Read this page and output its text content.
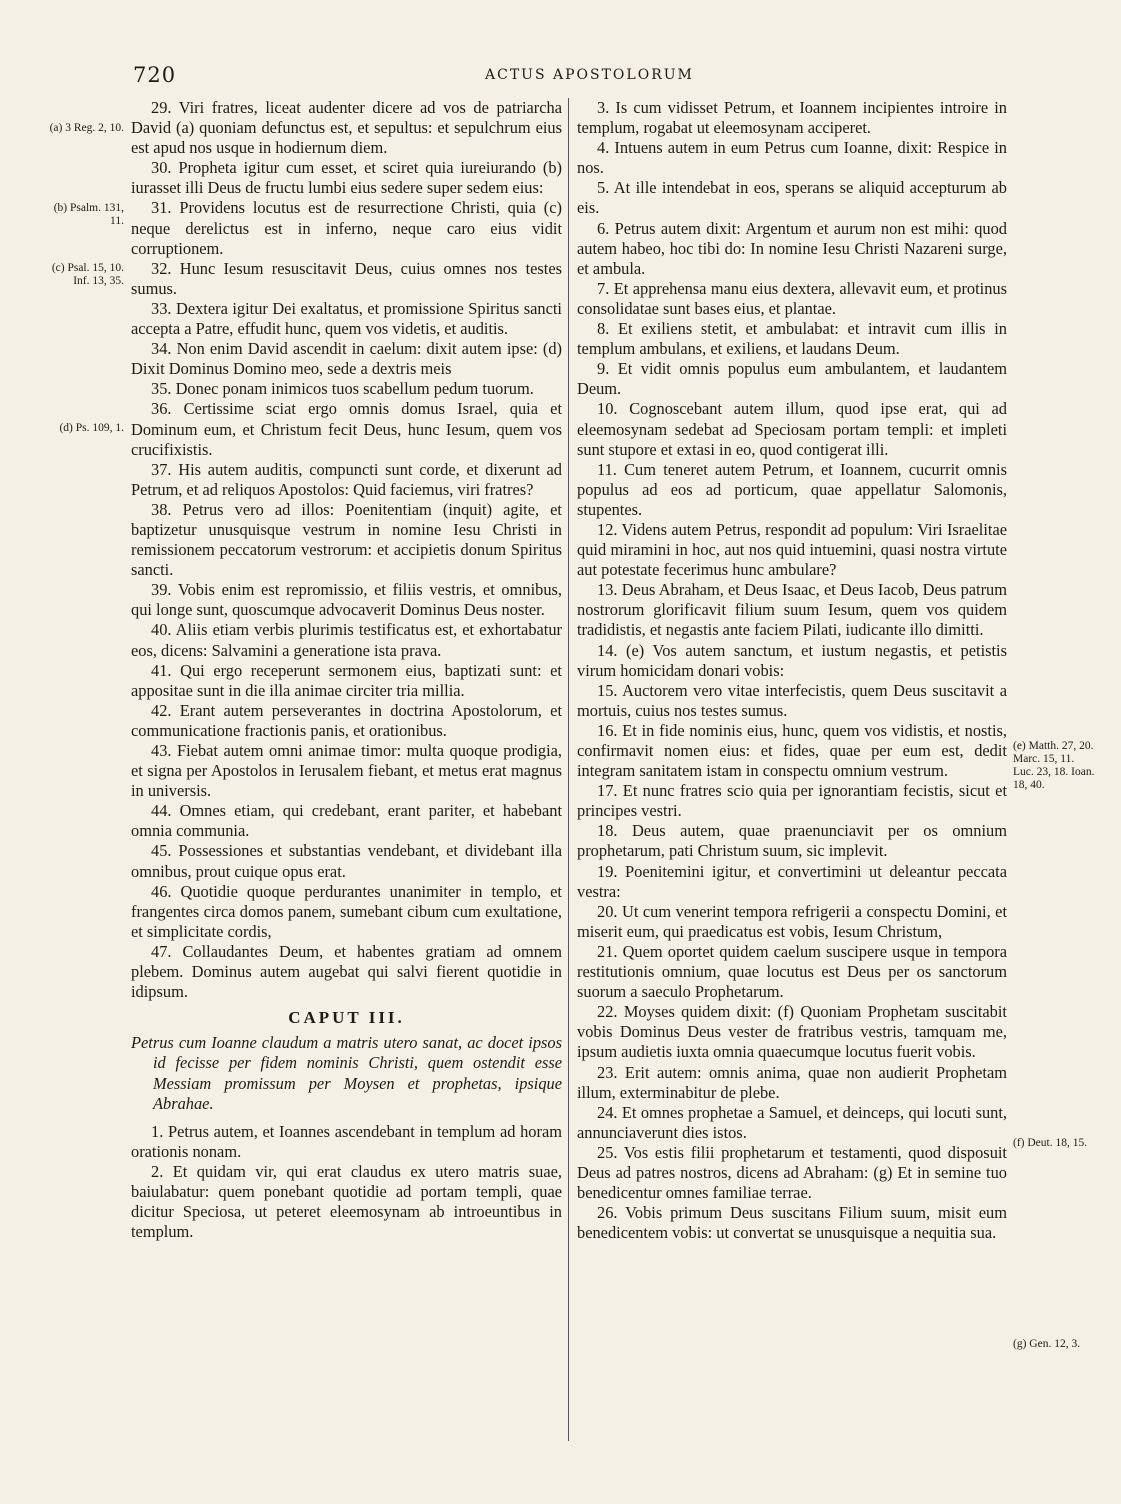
720	ACTUS APOSTOLORUM
(a) 3 Reg. 2, 10.
(b) Psalm. 131, 11.
(c) Psal. 15, 10. Inf. 13, 35.
(d) Ps. 109, 1.
(e) Matth. 27, 20. Marc. 15, 11. Luc. 23, 18. Ioan. 18, 40.
(f) Deut. 18, 15.
(g) Gen. 12, 3.

29. Viri fratres, liceat audenter dicere ad vos de patriarcha David (a) quoniam defunctus est, et sepultus: et sepulchrum eius est apud nos usque in hodiernum diem.

30. Propheta igitur cum esset, et sciret quia iureiurando (b) iurasset illi Deus de fructu lumbi eius sedere super sedem eius:

31. Providens locutus est de resurrectione Christi, quia (c) neque derelictus est in inferno, neque caro eius vidit corruptionem.

32. Hunc Iesum resuscitavit Deus, cuius omnes nos testes sumus.

33. Dextera igitur Dei exaltatus, et promissione Spiritus sancti accepta a Patre, effudit hunc, quem vos videtis, et auditis.

34. Non enim David ascendit in caelum: dixit autem ipse: (d) Dixit Dominus Domino meo, sede a dextris meis

35. Donec ponam inimicos tuos scabellum pedum tuorum.

36. Certissime sciat ergo omnis domus Israel, quia et Dominum eum, et Christum fecit Deus, hunc Iesum, quem vos crucifixistis.

37. His autem auditis, compuncti sunt corde, et dixerunt ad Petrum, et ad reliquos Apostolos: Quid faciemus, viri fratres?

38. Petrus vero ad illos: Poenitentiam (inquit) agite, et baptizetur unusquisque vestrum in nomine Iesu Christi in remissionem peccatorum vestrorum: et accipietis donum Spiritus sancti.

39. Vobis enim est repromissio, et filiis vestris, et omnibus, qui longe sunt, quoscumque advocaverit Dominus Deus noster.

40. Aliis etiam verbis plurimis testificatus est, et exhortabatur eos, dicens: Salvamini a generatione ista prava.

41. Qui ergo receperunt sermonem eius, baptizati sunt: et appositae sunt in die illa animae circiter tria millia.

42. Erant autem perseverantes in doctrina Apostolorum, et communicatione fractionis panis, et orationibus.

43. Fiebat autem omni animae timor: multa quoque prodigia, et signa per Apostolos in Ierusalem fiebant, et metus erat magnus in universis.

44. Omnes etiam, qui credebant, erant pariter, et habebant omnia communia.

45. Possessiones et substantias vendebant, et dividebant illa omnibus, prout cuique opus erat.

46. Quotidie quoque perdurantes unanimiter in templo, et frangentes circa domos panem, sumebant cibum cum exultatione, et simplicitate cordis,

47. Collaudantes Deum, et habentes gratiam ad omnem plebem. Dominus autem augebat qui salvi fierent quotidie in idipsum.

CAPUT III.

Petrus cum Ioanne claudum a matris utero sanat, ac docet ipsos id fecisse per fidem nominis Christi, quem ostendit esse Messiam promissum per Moysen et prophetas, ipsique Abrahae.

1. Petrus autem, et Ioannes ascendebant in templum ad horam orationis nonam.

2. Et quidam vir, qui erat claudus ex utero matris suae, baiulabatur: quem ponebant quotidie ad portam templi, quae dicitur Speciosa, ut peteret eleemosynam ab introeuntibus in templum.

3. Is cum vidisset Petrum, et Ioannem incipientes introire in templum, rogabat ut eleemosynam acciperet.

4. Intuens autem in eum Petrus cum Ioanne, dixit: Respice in nos.

5. At ille intendebat in eos, sperans se aliquid accepturum ab eis.

6. Petrus autem dixit: Argentum et aurum non est mihi: quod autem habeo, hoc tibi do: In nomine Iesu Christi Nazareni surge, et ambula.

7. Et apprehensa manu eius dextera, allevavit eum, et protinus consolidatae sunt bases eius, et plantae.

8. Et exiliens stetit, et ambulabat: et intravit cum illis in templum ambulans, et exiliens, et laudans Deum.

9. Et vidit omnis populus eum ambulantem, et laudantem Deum.

10. Cognoscebant autem illum, quod ipse erat, qui ad eleemosynam sedebat ad Speciosam portam templi: et impleti sunt stupore et extasi in eo, quod contigerat illi.

11. Cum teneret autem Petrum, et Ioannem, cucurrit omnis populus ad eos ad porticum, quae appellatur Salomonis, stupentes.

12. Videns autem Petrus, respondit ad populum: Viri Israelitae quid miramini in hoc, aut nos quid intuemini, quasi nostra virtute aut potestate fecerimus hunc ambulare?

13. Deus Abraham, et Deus Isaac, et Deus Iacob, Deus patrum nostrorum glorificavit filium suum Iesum, quem vos quidem tradidistis, et negastis ante faciem Pilati, iudicante illo dimitti.

14. (e) Vos autem sanctum, et iustum negastis, et petistis virum homicidam donari vobis:

15. Auctorem vero vitae interfecistis, quem Deus suscitavit a mortuis, cuius nos testes sumus.

16. Et in fide nominis eius, hunc, quem vos vidistis, et nostis, confirmavit nomen eius: et fides, quae per eum est, dedit integram sanitatem istam in conspectu omnium vestrum.

17. Et nunc fratres scio quia per ignorantiam fecistis, sicut et principes vestri.

18. Deus autem, quae praenunciavit per os omnium prophetarum, pati Christum suum, sic implevit.

19. Poenitemini igitur, et convertimini ut deleantur peccata vestra:

20. Ut cum venerint tempora refrigerii a conspectu Domini, et miserit eum, qui praedicatus est vobis, Iesum Christum,

21. Quem oportet quidem caelum suscipere usque in tempora restitutionis omnium, quae locutus est Deus per os sanctorum suorum a saeculo Prophetarum.

22. Moyses quidem dixit: (f) Quoniam Prophetam suscitabit vobis Dominus Deus vester de fratribus vestris, tamquam me, ipsum audietis iuxta omnia quaecumque locutus fuerit vobis.

23. Erit autem: omnis anima, quae non audierit Prophetam illum, exterminabitur de plebe.

24. Et omnes prophetae a Samuel, et deinceps, qui locuti sunt, annunciaverunt dies istos.

25. Vos estis filii prophetarum et testamenti, quod disposuit Deus ad patres nostros, dicens ad Abraham: (g) Et in semine tuo benedicentur omnes familiae terrae.

26. Vobis primum Deus suscitans Filium suum, misit eum benedicentem vobis: ut convertat se unusquisque a nequitia sua.
